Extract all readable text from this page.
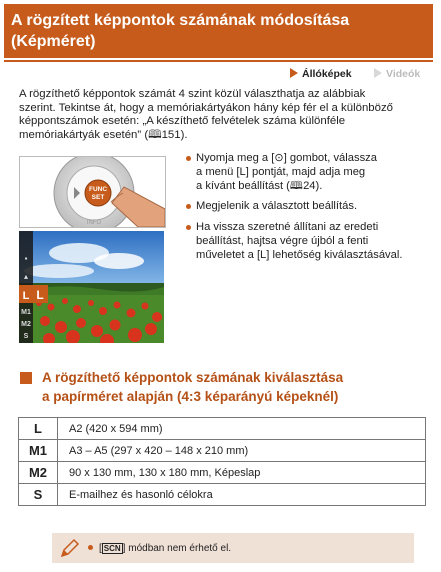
A rögzített képpontok számának módosítása
(Képméret)
Állóképek	Videók
A rögzíthető képpontok számát 4 szint közül választhatja az alábbiak
szerint. Tekintse át, hogy a memóriakártyákon hány kép fér el a különböző
képpontszámok esetén: „A készíthető felvételek száma különféle
memóriakártyák esetén” (🕮151).
FUNC
SET
INFO
L
▪
▴
L
M1
M2
S
Nyomja meg a [⊙] gombot, válassza
a menü [L] pontját, majd adja meg
a kívánt beállítást (🕮24).
Megjelenik a választott beállítás.
Ha vissza szeretné állítani az eredeti
beállítást, hajtsa végre újból a fenti
műveletet a [L] lehetőség kiválasztásával.
A rögzíthető képpontok számának kiválasztása
a papírméret alapján (4:3 képarányú képeknél)
L	A2 (420 x 594 mm)
M1	A3 – A5 (297 x 420 – 148 x 210 mm)
M2	90 x 130 mm, 130 x 180 mm, Képeslap
S	E-mailhez és hasonló célokra
[ SCN ] módban nem érhető el.
